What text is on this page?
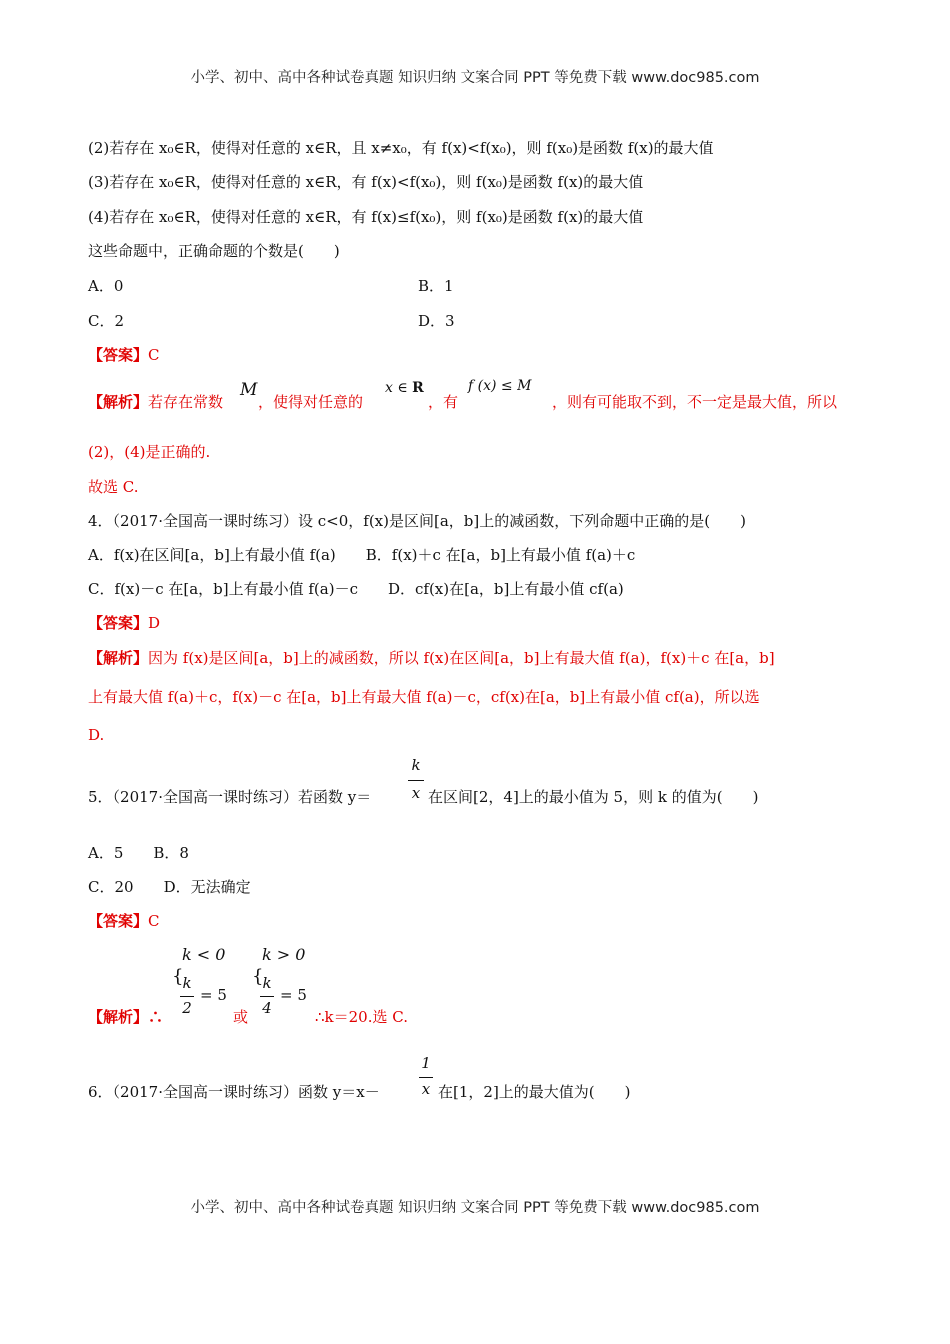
小学、初中、高中各种试卷真题 知识归纳 文案合同 PPT 等免费下载 www.doc985.com
(2)若存在 x₀∈R，使得对任意的 x∈R，且 x≠x₀，有 f(x)<f(x₀)，则 f(x₀)是函数 f(x)的最大值
(3)若存在 x₀∈R，使得对任意的 x∈R，有 f(x)<f(x₀)，则 f(x₀)是函数 f(x)的最大值
(4)若存在 x₀∈R，使得对任意的 x∈R，有 f(x)≤f(x₀)，则 f(x₀)是函数 f(x)的最大值
这些命题中，正确命题的个数是(　　)
A．0	B．1
C．2	D．3
【答案】C
【解析】若存在常数
M
，使得对任意的
x ∈ R
，有
f (x) ≤ M
，则有可能取不到，不一定是最大值，所以
(2)，(4)是正确的.
故选 C.
4．（2017·全国高一课时练习）设 c<0，f(x)是区间[a，b]上的减函数，下列命题中正确的是(　　)
A．f(x)在区间[a，b]上有最小值 f(a)　　B．f(x)＋c 在[a，b]上有最小值 f(a)＋c
C．f(x)－c 在[a，b]上有最小值 f(a)－c　　D．cf(x)在[a，b]上有最小值 cf(a)
【答案】D
【解析】因为 f(x)是区间[a，b]上的减函数，所以 f(x)在区间[a，b]上有最大值 f(a)，f(x)＋c 在[a，b]
上有最大值 f(a)＋c，f(x)－c 在[a，b]上有最大值 f(a)－c，cf(x)在[a，b]上有最小值 cf(a)，所以选
D.
k
x
5．（2017·全国高一课时练习）若函数 y＝	在区间[2，4]上的最小值为 5，则 k 的值为(　　)
A．5　　B．8
C．20　　D．无法确定
【答案】C
k < 0
{ k
2
= 5
k > 0
{ k
4
= 5
【解析】∴	或	∴k＝20.选 C.
1
x
6．（2017·全国高一课时练习）函数 y＝x－	在[1，2]上的最大值为(　　)
小学、初中、高中各种试卷真题 知识归纳 文案合同 PPT 等免费下载 www.doc985.com
